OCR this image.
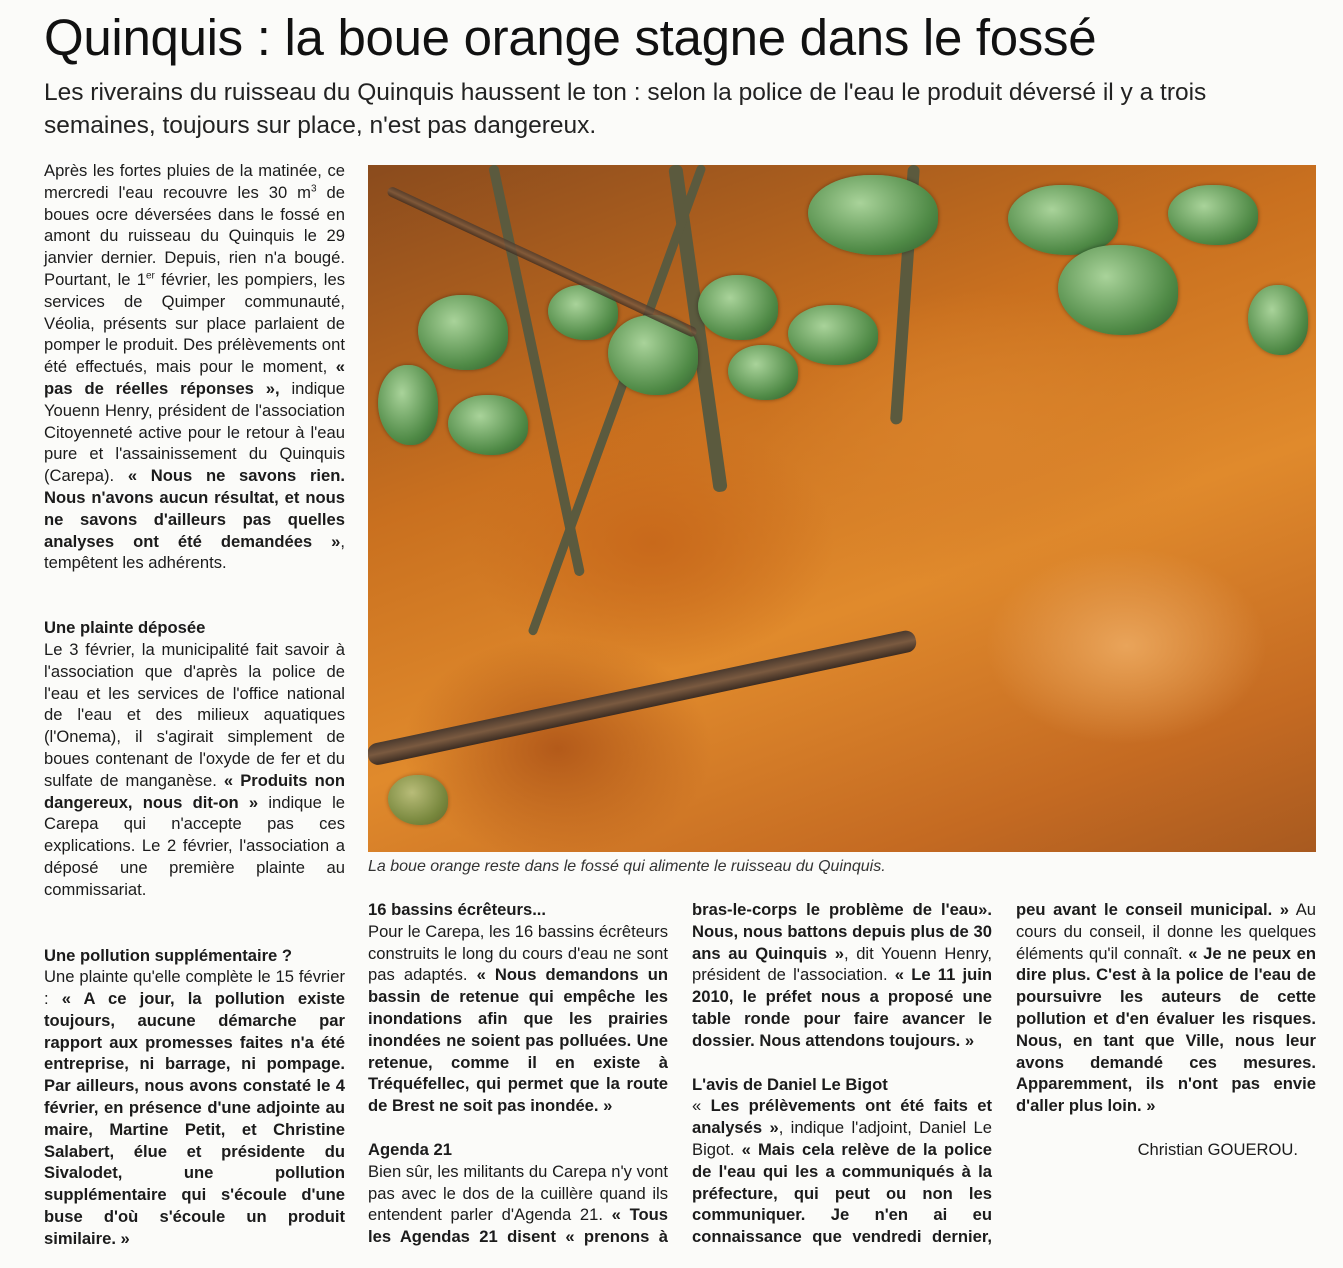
Quinquis : la boue orange stagne dans le fossé
Les riverains du ruisseau du Quinquis haussent le ton : selon la police de l'eau le produit déversé il y a trois semaines, toujours sur place, n'est pas dangereux.

Après les fortes pluies de la matinée, ce mercredi l'eau recouvre les 30 $m^3$ de boues ocre déversées dans le fossé en amont du ruisseau du Quinquis le 29 janvier dernier. Depuis, rien n'a bougé. Pourtant, le 1er février, les pompiers, les services de Quimper communauté, Véolia, présents sur place parlaient de pomper le produit. Des prélèvements ont été effectués, mais pour le moment, « pas de réelles réponses », indique Youenn Henry, président de l'association Citoyenneté active pour le retour à l'eau pure et l'assainissement du Quinquis (Carepa). « Nous ne savons rien. Nous n'avons aucun résultat, et nous ne savons d'ailleurs pas quelles analyses ont été demandées », tempêtent les adhérents.

Une plainte déposée

Le 3 février, la municipalité fait savoir à l'association que d'après la police de l'eau et les services de l'office national de l'eau et des milieux aquatiques (l'Onema), il s'agirait simplement de boues contenant de l'oxyde de fer et du sulfate de manganèse. « Produits non dangereux, nous dit-on » indique le Carepa qui n'accepte pas ces explications. Le 2 février, l'association a déposé une première plainte au commissariat.

Une pollution supplémentaire ?

Une plainte qu'elle complète le 15 février : « A ce jour, la pollution existe toujours, aucune démarche par rapport aux promesses faites n'a été entreprise, ni barrage, ni pompage. Par ailleurs, nous avons constaté le 4 février, en présence d'une adjointe au maire, Martine Petit, et Christine Salabert, élue et présidente du Sivalodet, une pollution supplémentaire qui s'écoule d'une buse d'où s'écoule un produit similaire. »

La boue orange reste dans le fossé qui alimente le ruisseau du Quinquis.

16 bassins écrêteurs...

Pour le Carepa, les 16 bassins écrêteurs construits le long du cours d'eau ne sont pas adaptés. « Nous demandons un bassin de retenue qui empêche les inondations afin que les prairies inondées ne soient pas polluées. Une retenue, comme il en existe à Tréquéfellec, qui permet que la route de Brest ne soit pas inondée. »

Agenda 21

Bien sûr, les militants du Carepa n'y vont pas avec le dos de la cuillère quand ils entendent parler d'Agenda 21. « Tous les Agendas 21 disent « prenons à bras-le-corps le problème de l'eau». Nous, nous battons depuis plus de 30 ans au Quinquis », dit Youenn Henry, président de l'association. « Le 11 juin 2010, le préfet nous a proposé une table ronde pour faire avancer le dossier. Nous attendons toujours. »

L'avis de Daniel Le Bigot

« Les prélèvements ont été faits et analysés », indique l'adjoint, Daniel Le Bigot. « Mais cela relève de la police de l'eau qui les a communiqués à la préfecture, qui peut ou non les communiquer. Je n'en ai eu connaissance que vendredi dernier, peu avant le conseil municipal. » Au cours du conseil, il donne les quelques éléments qu'il connaît. « Je ne peux en dire plus. C'est à la police de l'eau de poursuivre les auteurs de cette pollution et d'en évaluer les risques. Nous, en tant que Ville, nous leur avons demandé ces mesures. Apparemment, ils n'ont pas envie d'aller plus loin. »

Christian GOUEROU.
